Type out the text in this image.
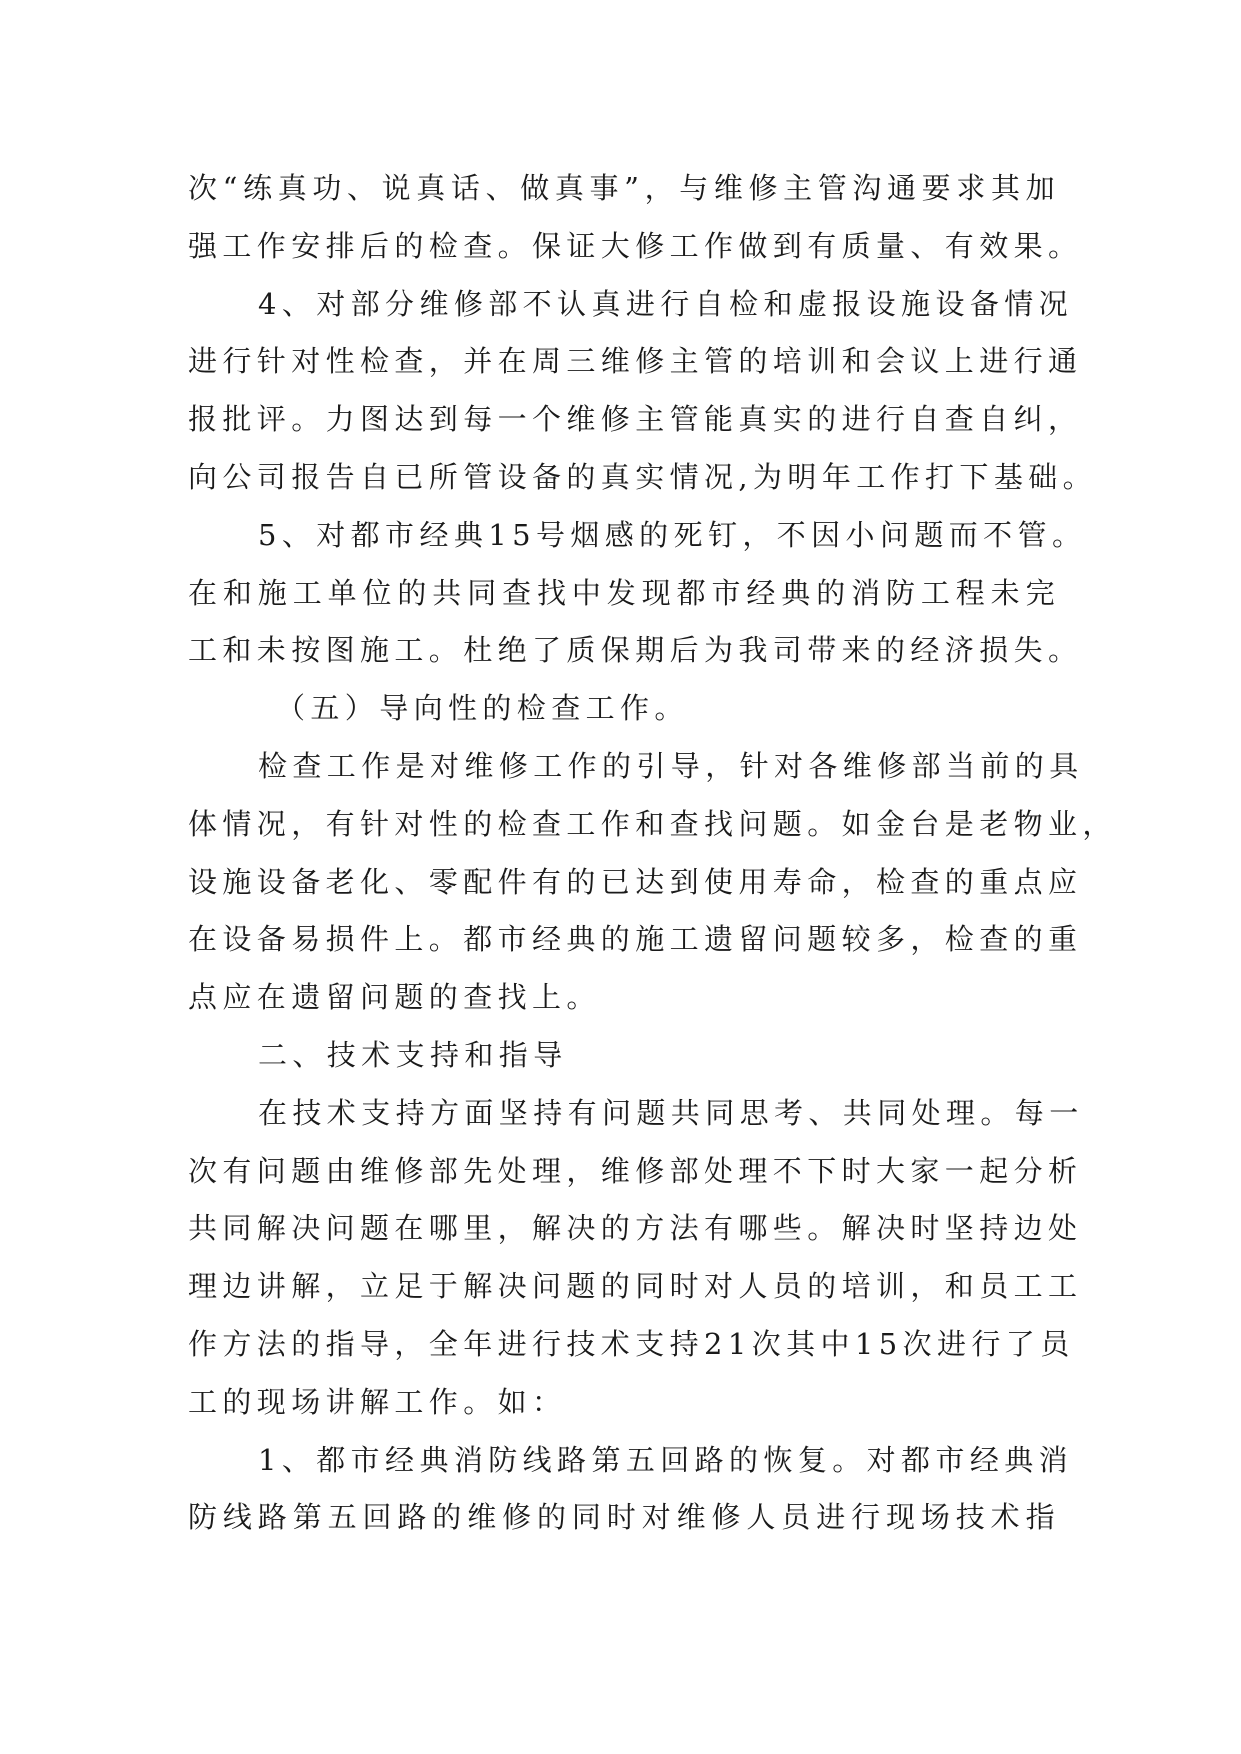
次“练真功、说真话、做真事”，与维修主管沟通要求其加
强工作安排后的检查。保证大修工作做到有质量、有效果。
4、对部分维修部不认真进行自检和虚报设施设备情况
进行针对性检查，并在周三维修主管的培训和会议上进行通
报批评。力图达到每一个维修主管能真实的进行自查自纠，
向公司报告自已所管设备的真实情况,为明年工作打下基础。
5、对都市经典15号烟感的死钉，不因小问题而不管。
在和施工单位的共同查找中发现都市经典的消防工程未完
工和未按图施工。杜绝了质保期后为我司带来的经济损失。
（五）导向性的检查工作。
检查工作是对维修工作的引导，针对各维修部当前的具
体情况，有针对性的检查工作和查找问题。如金台是老物业，
设施设备老化、零配件有的已达到使用寿命，检查的重点应
在设备易损件上。都市经典的施工遗留问题较多，检查的重
点应在遗留问题的查找上。
二、技术支持和指导
在技术支持方面坚持有问题共同思考、共同处理。每一
次有问题由维修部先处理，维修部处理不下时大家一起分析
共同解决问题在哪里，解决的方法有哪些。解决时坚持边处
理边讲解，立足于解决问题的同时对人员的培训，和员工工
作方法的指导，全年进行技术支持21次其中15次进行了员
工的现场讲解工作。如：
1、都市经典消防线路第五回路的恢复。对都市经典消
防线路第五回路的维修的同时对维修人员进行现场技术指
